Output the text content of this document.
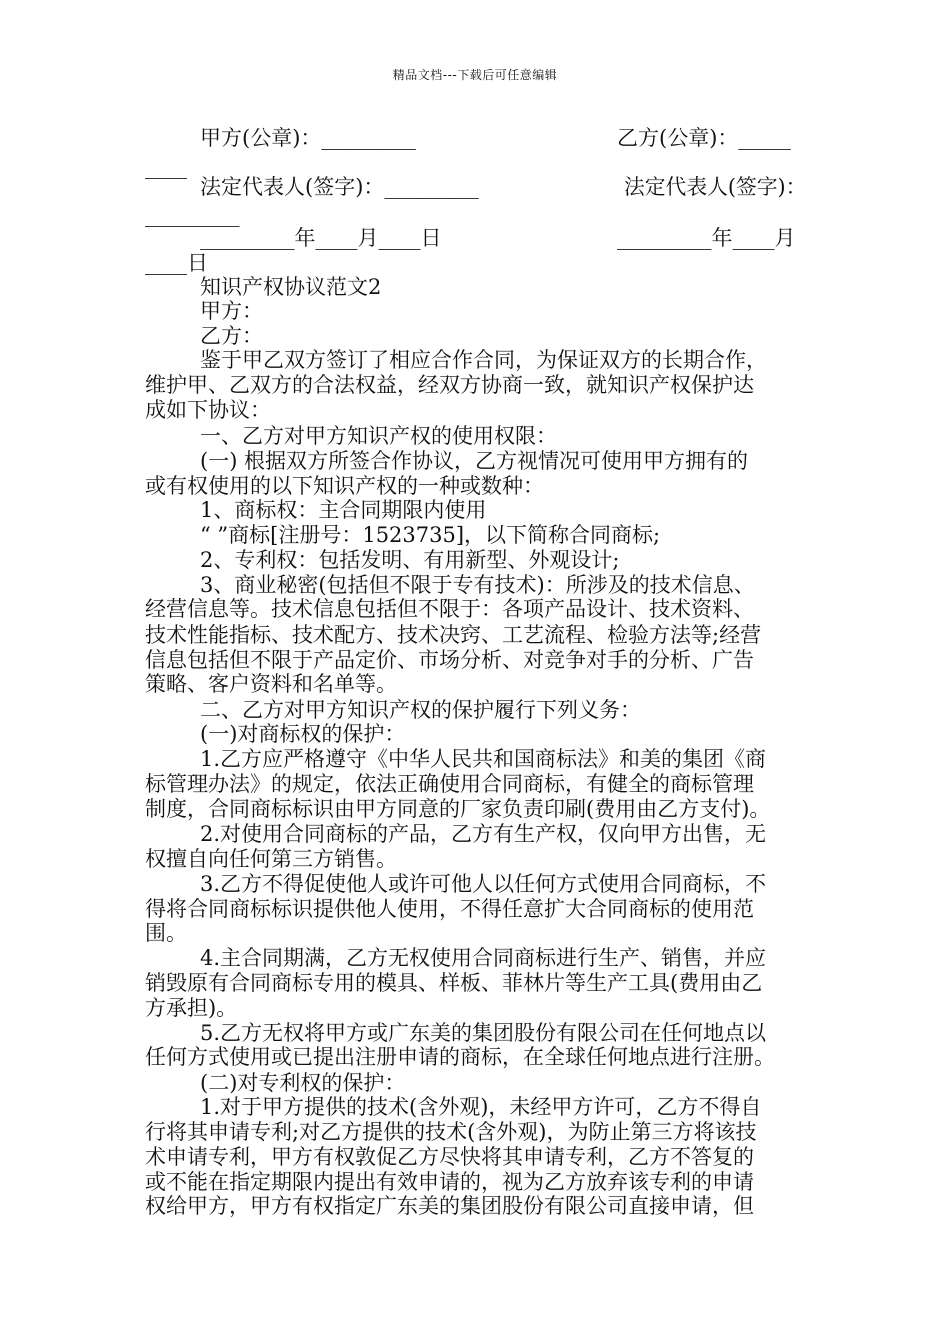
精品文档---下载后可任意编辑
甲方(公章)：_________	乙方(公章)：_____
____
法定代表人(签字)：_________	法定代表人(签字)：
_________
_________年____月____日	_________年____月
____日
知识产权协议范文2
甲方：
乙方：
鉴于甲乙双方签订了相应合作合同，为保证双方的长期合作，
维护甲、乙双方的合法权益，经双方协商一致，就知识产权保护达
成如下协议：
一、乙方对甲方知识产权的使用权限：
(一) 根据双方所签合作协议，乙方视情况可使用甲方拥有的
或有权使用的以下知识产权的一种或数种：
1、商标权：主合同期限内使用
“ ”商标[注册号：1523735]，以下简称合同商标;
2、专利权：包括发明、有用新型、外观设计;
3、商业秘密(包括但不限于专有技术)：所涉及的技术信息、
经营信息等。技术信息包括但不限于：各项产品设计、技术资料、
技术性能指标、技术配方、技术决窍、工艺流程、检验方法等;经营
信息包括但不限于产品定价、市场分析、对竞争对手的分析、广告
策略、客户资料和名单等。
二、乙方对甲方知识产权的保护履行下列义务：
(一)对商标权的保护：
1.乙方应严格遵守《中华人民共和国商标法》和美的集团《商
标管理办法》的规定，依法正确使用合同商标，有健全的商标管理
制度，合同商标标识由甲方同意的厂家负责印刷(费用由乙方支付)。
2.对使用合同商标的产品，乙方有生产权，仅向甲方出售，无
权擅自向任何第三方销售。
3.乙方不得促使他人或许可他人以任何方式使用合同商标，不
得将合同商标标识提供他人使用，不得任意扩大合同商标的使用范
围。
4.主合同期满，乙方无权使用合同商标进行生产、销售，并应
销毁原有合同商标专用的模具、样板、菲林片等生产工具(费用由乙
方承担)。
5.乙方无权将甲方或广东美的集团股份有限公司在任何地点以
任何方式使用或已提出注册申请的商标，在全球任何地点进行注册。
(二)对专利权的保护：
1.对于甲方提供的技术(含外观)，未经甲方许可，乙方不得自
行将其申请专利;对乙方提供的技术(含外观)，为防止第三方将该技
术申请专利，甲方有权敦促乙方尽快将其申请专利，乙方不答复的
或不能在指定期限内提出有效申请的，视为乙方放弃该专利的申请
权给甲方，甲方有权指定广东美的集团股份有限公司直接申请，但
